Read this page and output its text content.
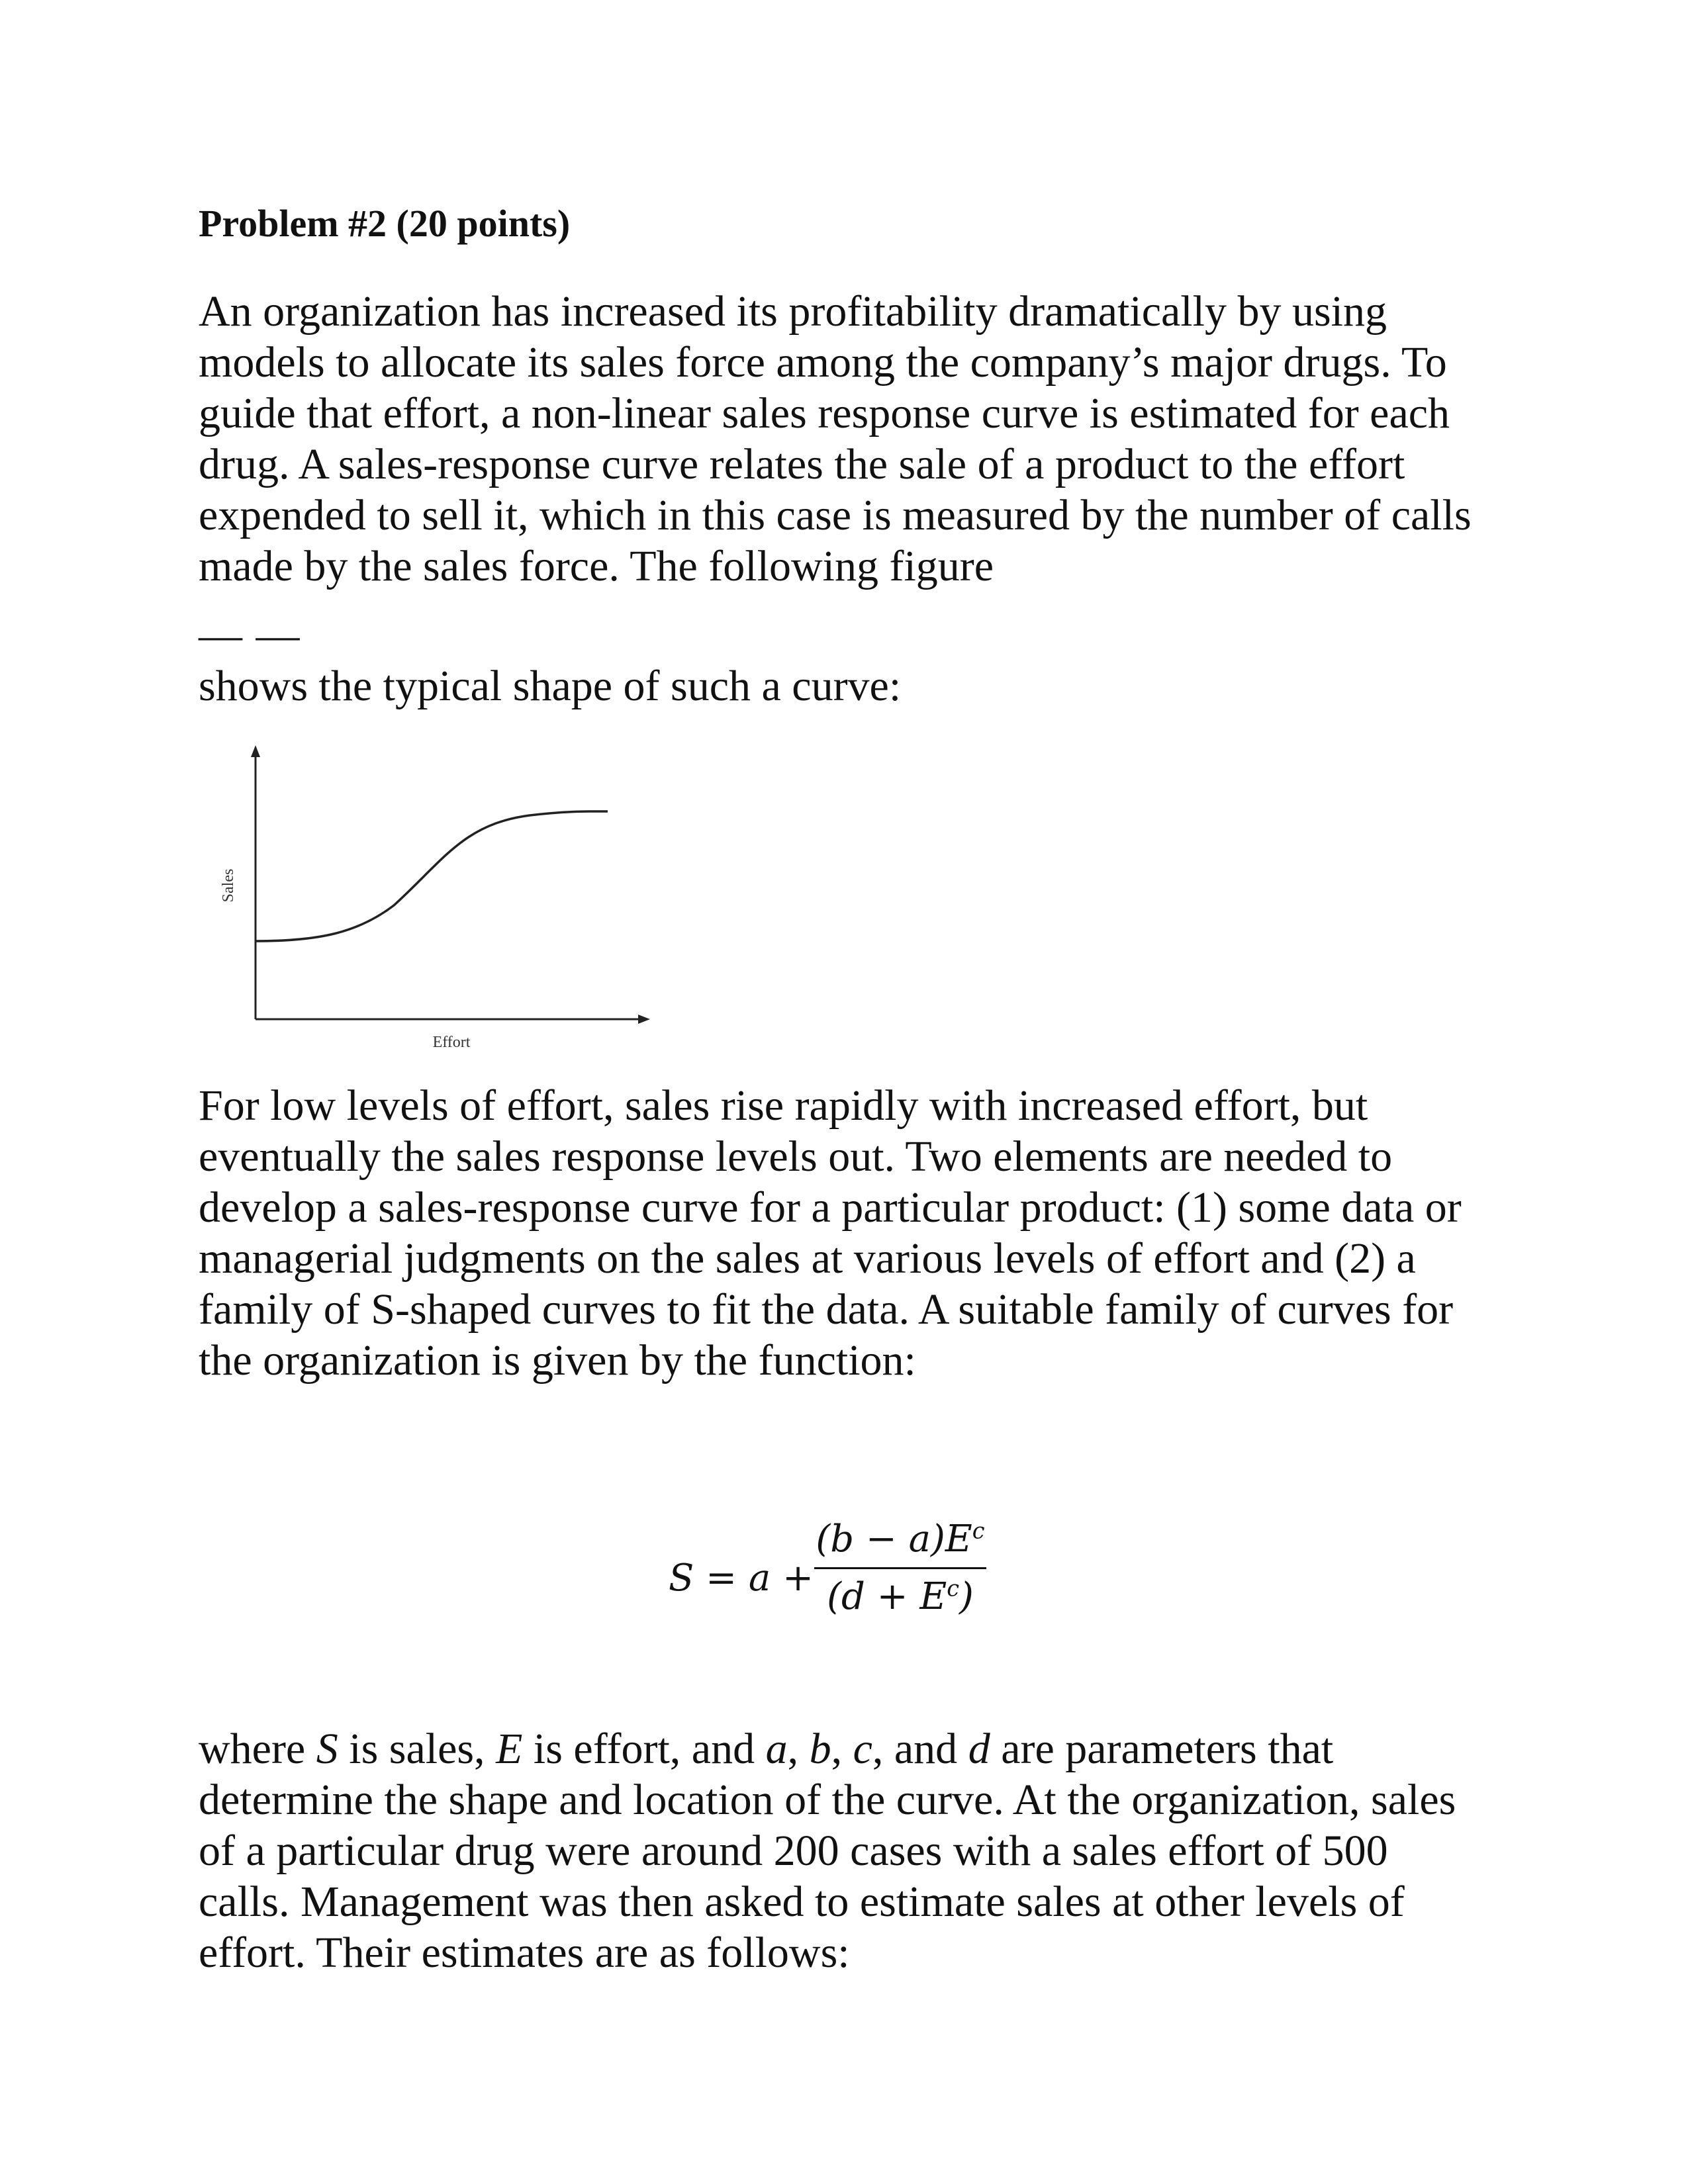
Problem #2 (20 points)
An organization has increased its profitability dramatically by using
models to allocate its sales force among the company’s major drugs. To
guide that effort, a non-linear sales response curve is estimated for each
drug. A sales-response curve relates the sale of a product to the effort
expended to sell it, which in this case is measured by the number of calls
made by the sales force. The following figure
— —
shows the typical shape of such a curve:
Sales
Effort
For low levels of effort, sales rise rapidly with increased effort, but
eventually the sales response levels out. Two elements are needed to
develop a sales-response curve for a particular product: (1) some data or
managerial judgments on the sales at various levels of effort and (2) a
family of S-shaped curves to fit the data. A suitable family of curves for
the organization is given by the function:
S = a +
$(b - a)E^c$
$(d + E^c)$
where S is sales, E is effort, and a, b, c, and d are parameters that
determine the shape and location of the curve. At the organization, sales
of a particular drug were around 200 cases with a sales effort of 500
calls. Management was then asked to estimate sales at other levels of
effort. Their estimates are as follows:
